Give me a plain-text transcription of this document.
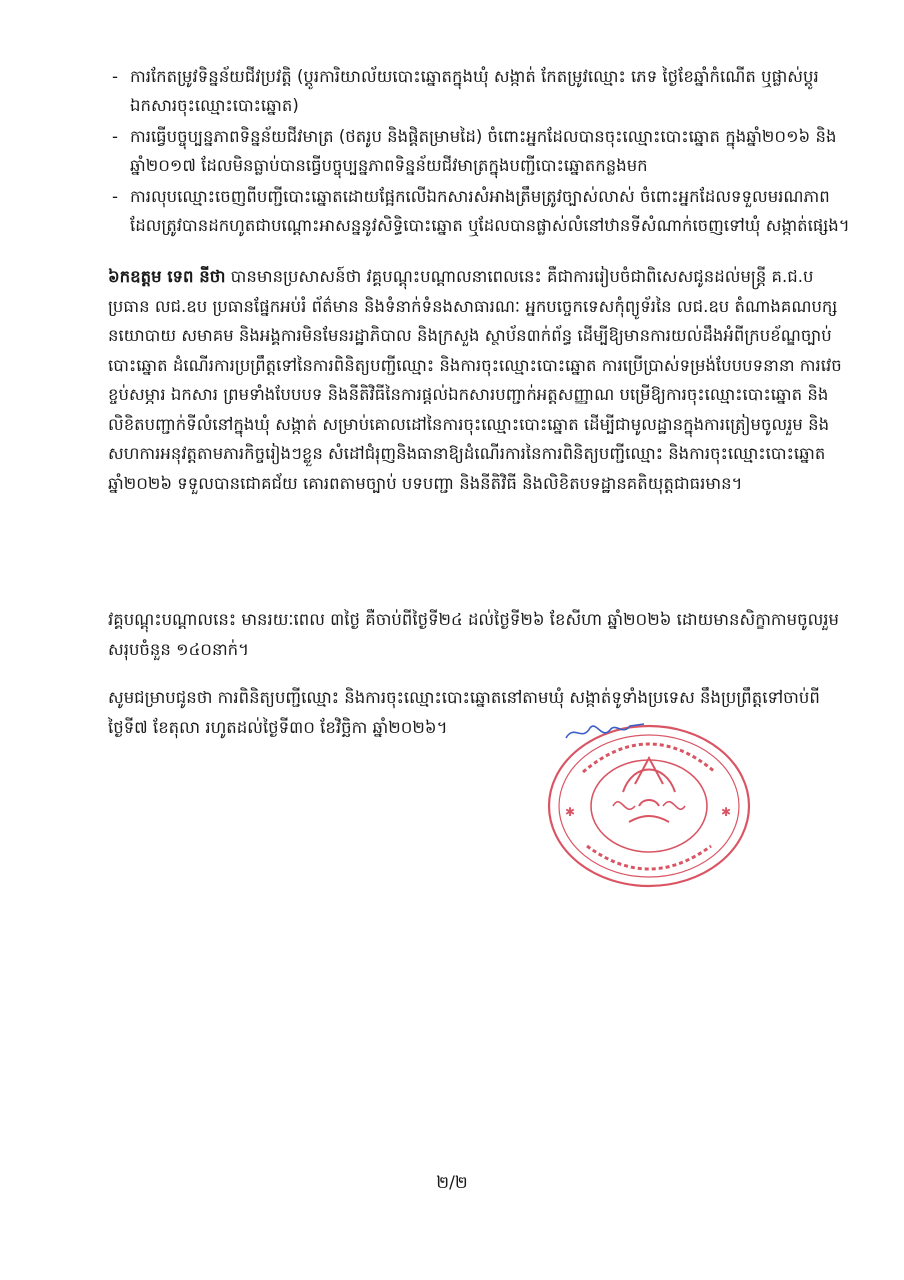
- ការកែតម្រូវទិន្នន័យជីវប្រវត្តិ (ប្តូរការិយាល័យបោះឆ្នោតក្នុងឃុំ សង្កាត់ កែតម្រូវឈ្មោះ ភេទ ថ្ងៃខែឆ្នាំកំណើត ឬផ្លាស់ប្តូរឯកសារចុះឈ្មោះបោះឆ្នោត)
- ការធ្វើបច្ចុប្បន្នភាពទិន្នន័យជីវមាត្រ (ថតរូប និងផ្តិតម្រាមដៃ) ចំពោះអ្នកដែលបានចុះឈ្មោះបោះឆ្នោត ក្នុងឆ្នាំ២០១៦ និងឆ្នាំ២០១៧ ដែលមិនធ្លាប់បានធ្វើបច្ចុប្បន្នភាពទិន្នន័យជីវមាត្រក្នុងបញ្ជីបោះឆ្នោតកន្លងមក
- ការលុបឈ្មោះចេញពីបញ្ជីបោះឆ្នោតដោយផ្អែកលើឯកសារសំអាងត្រឹមត្រូវច្បាស់លាស់ ចំពោះអ្នកដែលទទួលមរណភាព ដែលត្រូវបានដកហូតជាបណ្តោះអាសន្ននូវសិទ្ធិបោះឆ្នោត ឬដែលបានផ្លាស់លំនៅឋានទីសំណាក់ចេញទៅឃុំ សង្កាត់ផ្សេង។
៦កឧត្តម ទេព នីថា បានមានប្រសាសន៍ថា វគ្គបណ្តុះបណ្តាលនាពេលនេះ គឺជាការរៀបចំជាពិសេសជូនដល់មន្ត្រី គ.ជ.ប ប្រធាន លជ.ឧប ប្រធានផ្នែកអប់រំ ព័ត៌មាន និងទំនាក់ទំនងសាធារណៈ អ្នកបច្ចេកទេសកុំព្យូទ័រនៃ លជ.ឧប តំណាងគណបក្សនយោបាយ សមាគម និងអង្គការមិនមែនរដ្ឋាភិបាល និងក្រសួង ស្ថាប័ន៣ក់ព័ន្ធ ដើម្បីឱ្យមានការយល់ដឹងអំពីក្របខ័ណ្ឌច្បាប់បោះឆ្នោត ដំណើរការប្រព្រឹត្តទៅនៃការពិនិត្យបញ្ជីឈ្មោះ និងការចុះឈ្មោះបោះឆ្នោត ការប្រើប្រាស់ទម្រង់បែបបទនានា ការវេចខ្ចប់សម្ភារ ឯកសារ ព្រមទាំងបែបបទ និងនីតិវិធីនៃការផ្តល់ឯកសារបញ្ជាក់អត្តសញ្ញាណ បម្រើឱ្យការចុះឈ្មោះបោះឆ្នោត និងលិខិតបញ្ជាក់ទីលំនៅក្នុងឃុំ សង្កាត់ សម្រាប់គោលដៅនៃការចុះឈ្មោះបោះឆ្នោត ដើម្បីជាមូលដ្ឋានក្នុងការត្រៀមចូលរួម និងសហការអនុវត្តតាមភារកិច្ចរៀងៗខ្លួន សំដៅជំរុញនិងធានាឱ្យដំណើរការនៃការពិនិត្យបញ្ជីឈ្មោះ និងការចុះឈ្មោះបោះឆ្នោតឆ្នាំ២០២៦ ទទួលបានជោគជ័យ គោរពតាមច្បាប់ បទបញ្ជា និងនីតិវិធី និងលិខិតបទដ្ឋានគតិយុត្តជាធរមាន។
វគ្គបណ្តុះបណ្តាលនេះ មានរយៈពេល ៣ថ្ងៃ គឺចាប់ពីថ្ងៃទី២៤ ដល់ថ្ងៃទី២៦ ខែសីហា ឆ្នាំ២០២៦ ដោយមានសិក្ខាកាមចូលរួមសរុបចំនួន ១៤០នាក់។
សូមជម្រាបជូនថា ការពិនិត្យបញ្ជីឈ្មោះ និងការចុះឈ្មោះបោះឆ្នោតនៅតាមឃុំ សង្កាត់ទូទាំងប្រទេស នឹងប្រព្រឹត្តទៅចាប់ពីថ្ងៃទី៧ ខែតុលា រហូតដល់ថ្ងៃទី៣០ ខែវិច្ឆិកា ឆ្នាំ២០២៦។
✱	✱
២/២
